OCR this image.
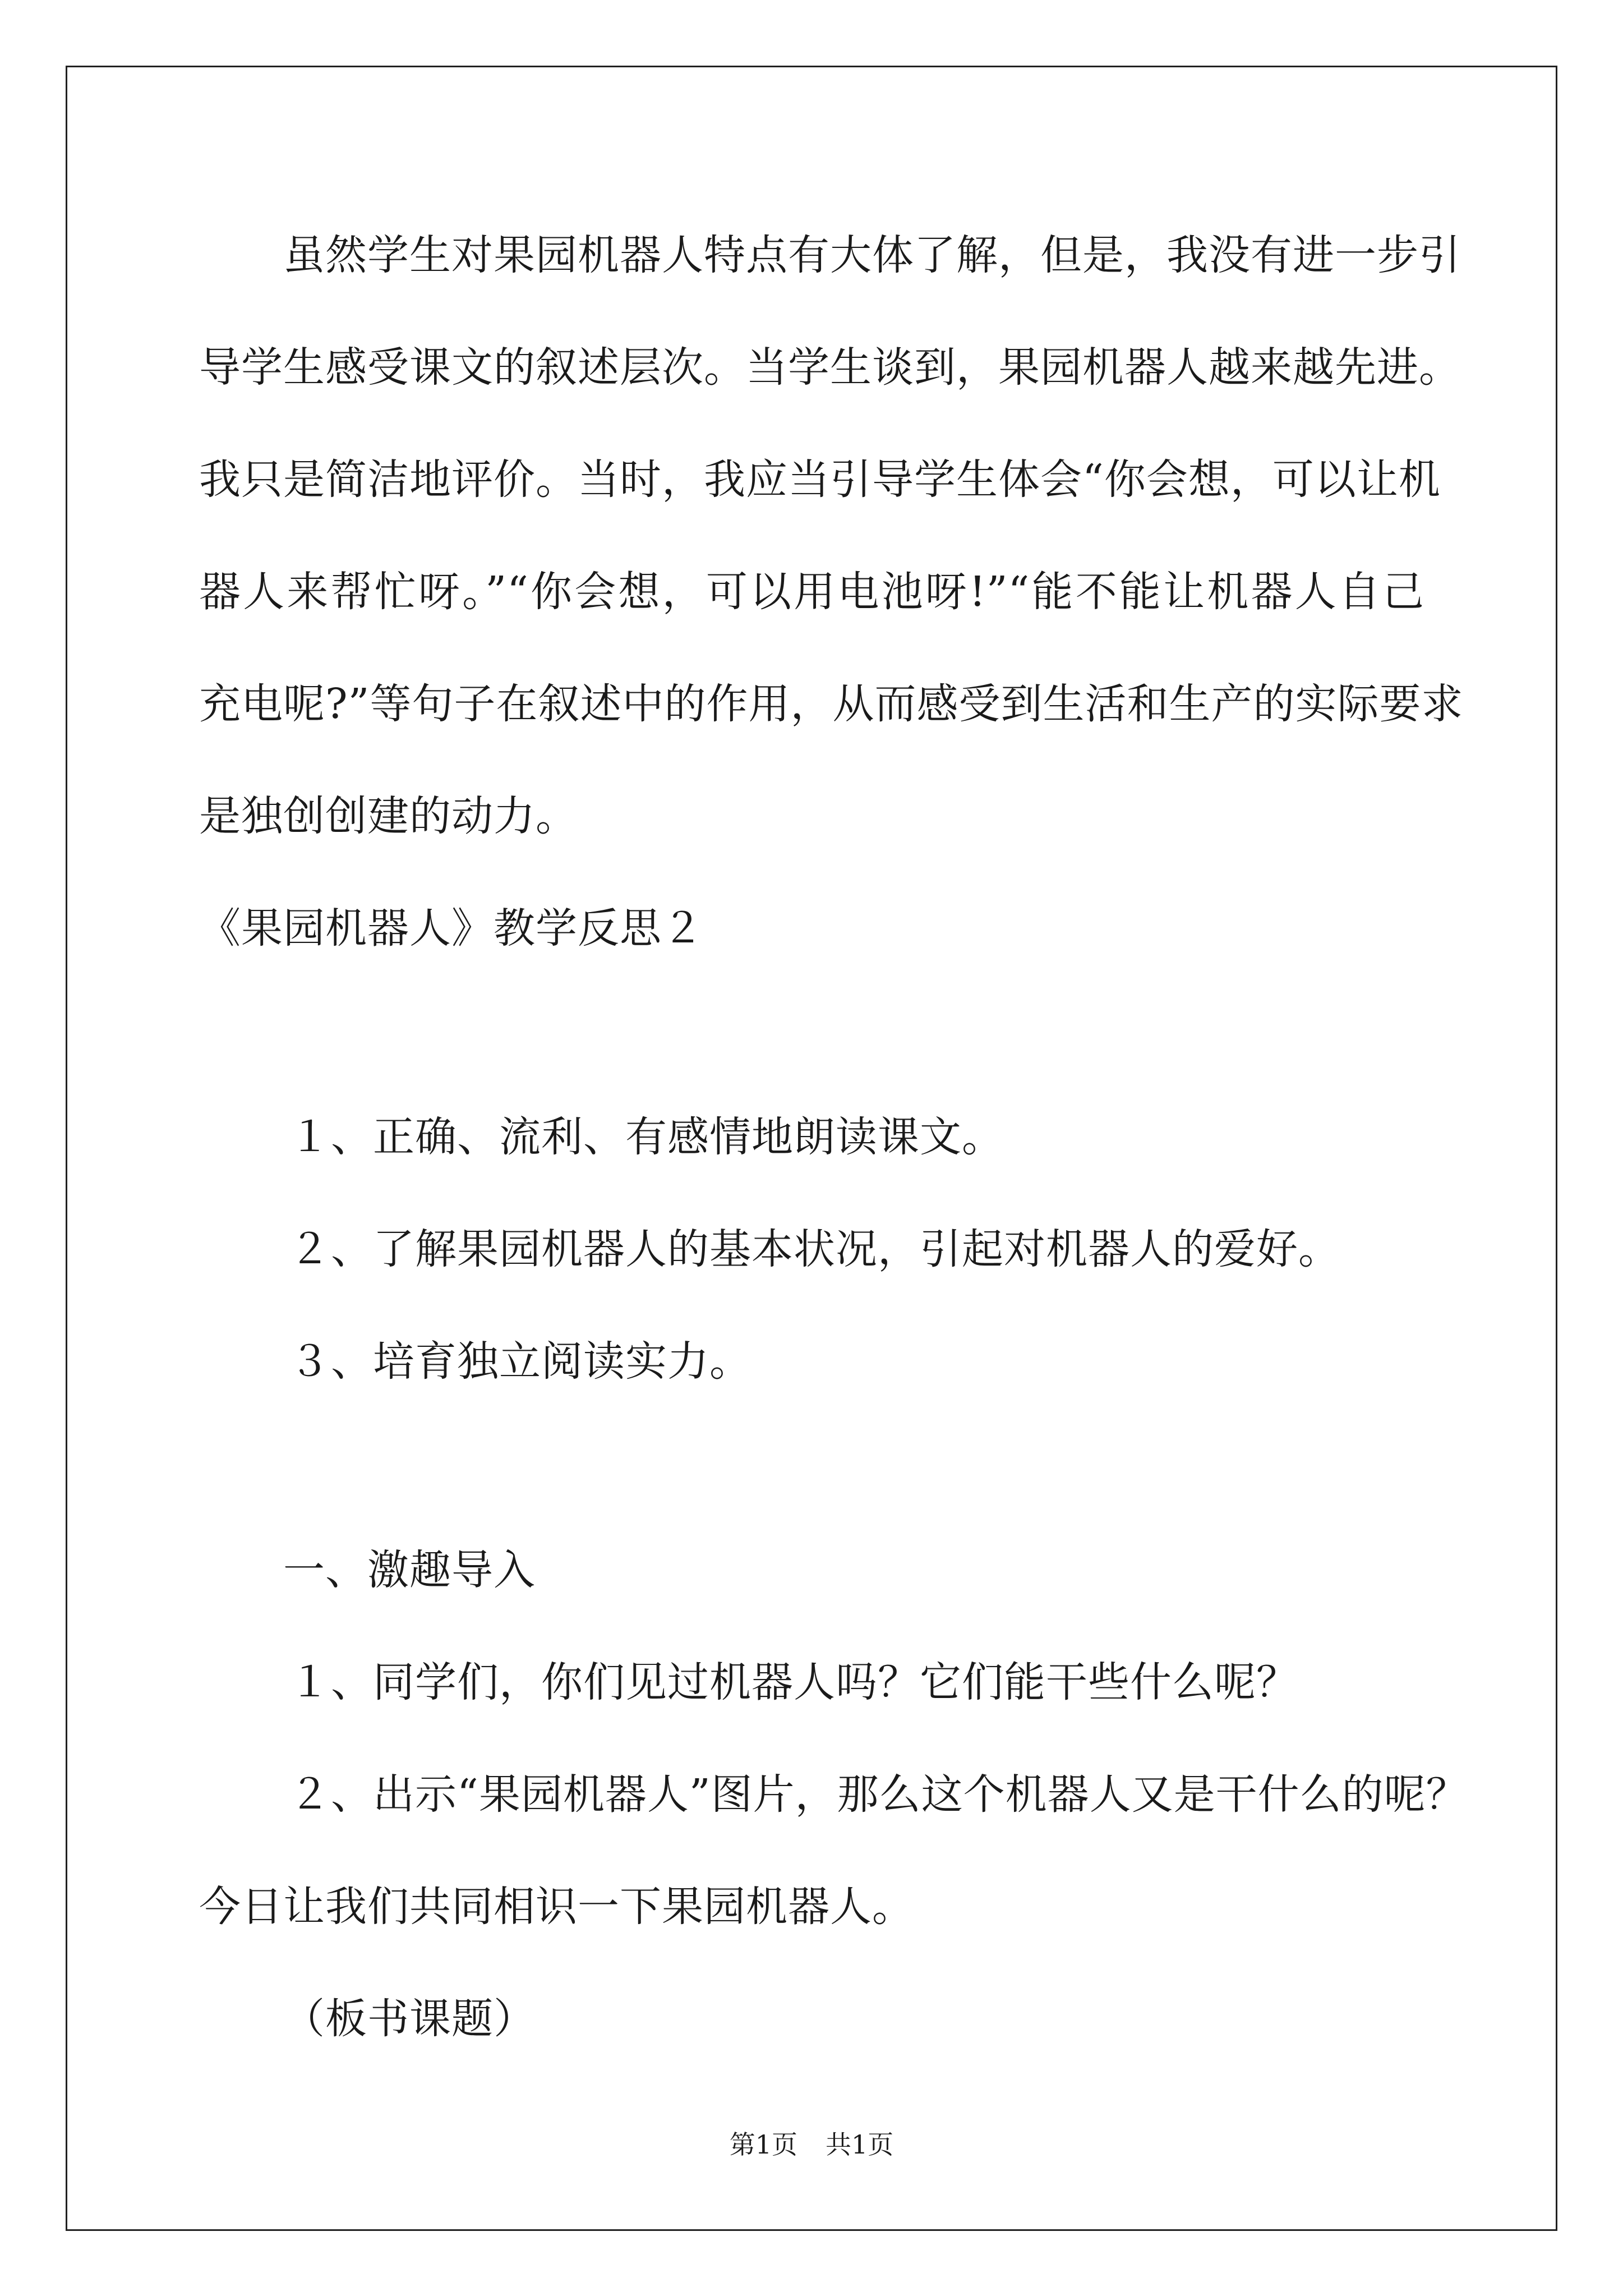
虽然学生对果园机器人特点有大体了解，但是，我没有进一步引
导学生感受课文的叙述层次。当学生谈到，果园机器人越来越先进。
我只是简洁地评价。当时，我应当引导学生体会“你会想，可以让机
器人来帮忙呀。”“你会想，可以用电池呀!”“能不能让机器人自己
充电呢?”等句子在叙述中的作用，从而感受到生活和生产的实际要求
是独创创建的动力。
《果园机器人》教学反思２
１、正确、流利、有感情地朗读课文。
２、了解果园机器人的基本状况，引起对机器人的爱好。
３、培育独立阅读实力。
一、激趣导入
１、同学们，你们见过机器人吗？它们能干些什么呢？
２、出示“果园机器人”图片，那么这个机器人又是干什么的呢？
今日让我们共同相识一下果园机器人。
（板书课题）
第1页 共1页
